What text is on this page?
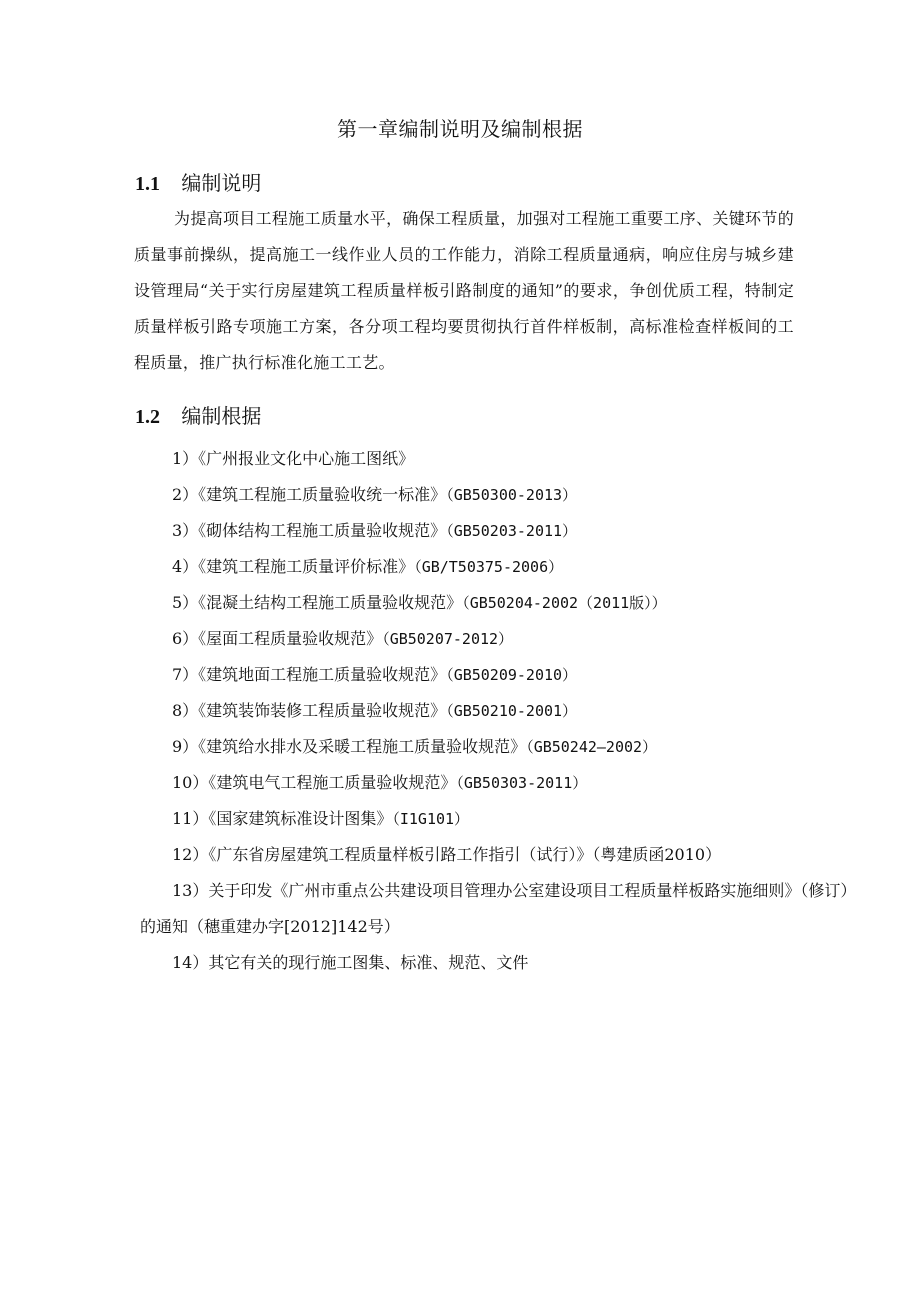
第一章编制说明及编制根据
1.1 编制说明
为提高项目工程施工质量水平，确保工程质量，加强对工程施工重要工序、关键环节的质量事前操纵，提高施工一线作业人员的工作能力，消除工程质量通病，响应住房与城乡建设管理局“关于实行房屋建筑工程质量样板引路制度的通知”的要求，争创优质工程，特制定质量样板引路专项施工方案，各分项工程均要贯彻执行首件样板制，高标准检查样板间的工程质量，推广执行标准化施工工艺。
1.2 编制根据
1）《广州报业文化中心施工图纸》
2）《建筑工程施工质量验收统一标准》（GB50300-2013）
3）《砌体结构工程施工质量验收规范》（GB50203-2011）
4）《建筑工程施工质量评价标准》（GB/T50375-2006）
5）《混凝土结构工程施工质量验收规范》（GB50204-2002（2011版））
6）《屋面工程质量验收规范》（GB50207-2012）
7）《建筑地面工程施工质量验收规范》（GB50209-2010）
8）《建筑装饰装修工程质量验收规范》（GB50210-2001）
9）《建筑给水排水及采暖工程施工质量验收规范》（GB50242—2002）
10）《建筑电气工程施工质量验收规范》（GB50303-2011）
11）《国家建筑标准设计图集》（I1G101）
12）《广东省房屋建筑工程质量样板引路工作指引（试行）》（粤建质函2010）
13）关于印发《广州市重点公共建设项目管理办公室建设项目工程质量样板路实施细则》（修订）的通知（穗重建办字[2012]142号）
14）其它有关的现行施工图集、标准、规范、文件
